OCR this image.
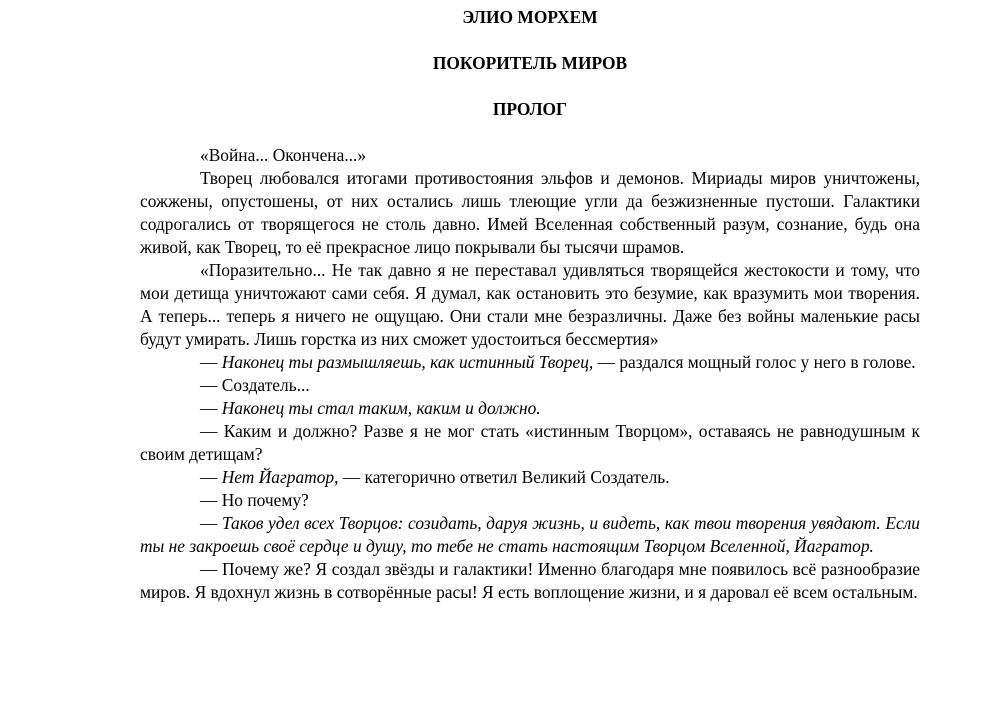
ЭЛИО МОРХЕМ
ПОКОРИТЕЛЬ МИРОВ
ПРОЛОГ

«Война... Окончена...»

Творец любовался итогами противостояния эльфов и демонов. Мириады миров уничтожены, сожжены, опустошены, от них остались лишь тлеющие угли да безжизненные пустоши. Галактики содрогались от творящегося не столь давно. Имей Вселенная собственный разум, сознание, будь она живой, как Творец, то её прекрасное лицо покрывали бы тысячи шрамов.

«Поразительно... Не так давно я не переставал удивляться творящейся жестокости и тому, что мои детища уничтожают сами себя. Я думал, как остановить это безумие, как вразумить мои творения. А теперь... теперь я ничего не ощущаю. Они стали мне безразличны. Даже без войны маленькие расы будут умирать. Лишь горстка из них сможет удостоиться бессмертия»

— Наконец ты размышляешь, как истинный Творец, — раздался мощный голос у него в голове.

— Создатель...

— Наконец ты стал таким, каким и должно.

— Каким и должно? Разве я не мог стать «истинным Творцом», оставаясь не равнодушным к своим детищам?

— Нет Йагратор, — категорично ответил Великий Создатель.

— Но почему?

— Таков удел всех Творцов: созидать, даруя жизнь, и видеть, как твои творения увядают. Если ты не закроешь своё сердце и душу, то тебе не стать настоящим Творцом Вселенной, Йагратор.

— Почему же? Я создал звёзды и галактики! Именно благодаря мне появилось всё разнообразие миров. Я вдохнул жизнь в сотворённые расы! Я есть воплощение жизни, и я даровал её всем остальным.
